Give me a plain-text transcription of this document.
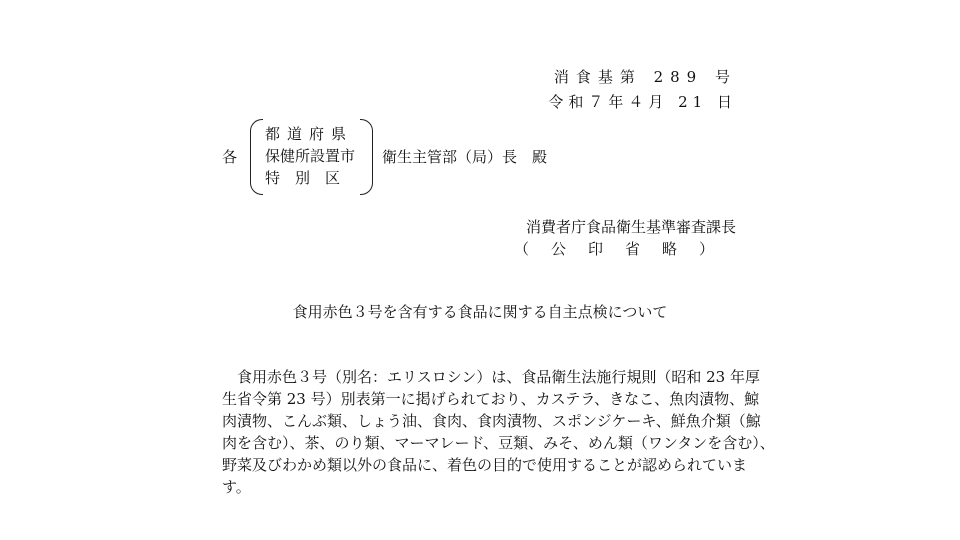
消食基第 289 号
令和７年４月 21 日
各
都道府県
保健所設置市
特　別　区
衛生主管部（局）長　殿
消費者庁食品衛生基準審査課長
（公印省略）
食用赤色３号を含有する食品に関する自主点検について
　食用赤色３号（別名：エリスロシン）は、食品衛生法施行規則（昭和 23 年厚
生省令第 23 号）別表第一に掲げられており、カステラ、きなこ、魚肉漬物、鯨
肉漬物、こんぶ類、しょう油、食肉、食肉漬物、スポンジケーキ、鮮魚介類（鯨
肉を含む）、茶、のり類、マーマレード、豆類、みそ、めん類（ワンタンを含む）、
野菜及びわかめ類以外の食品に、着色の目的で使用することが認められていま
す。
